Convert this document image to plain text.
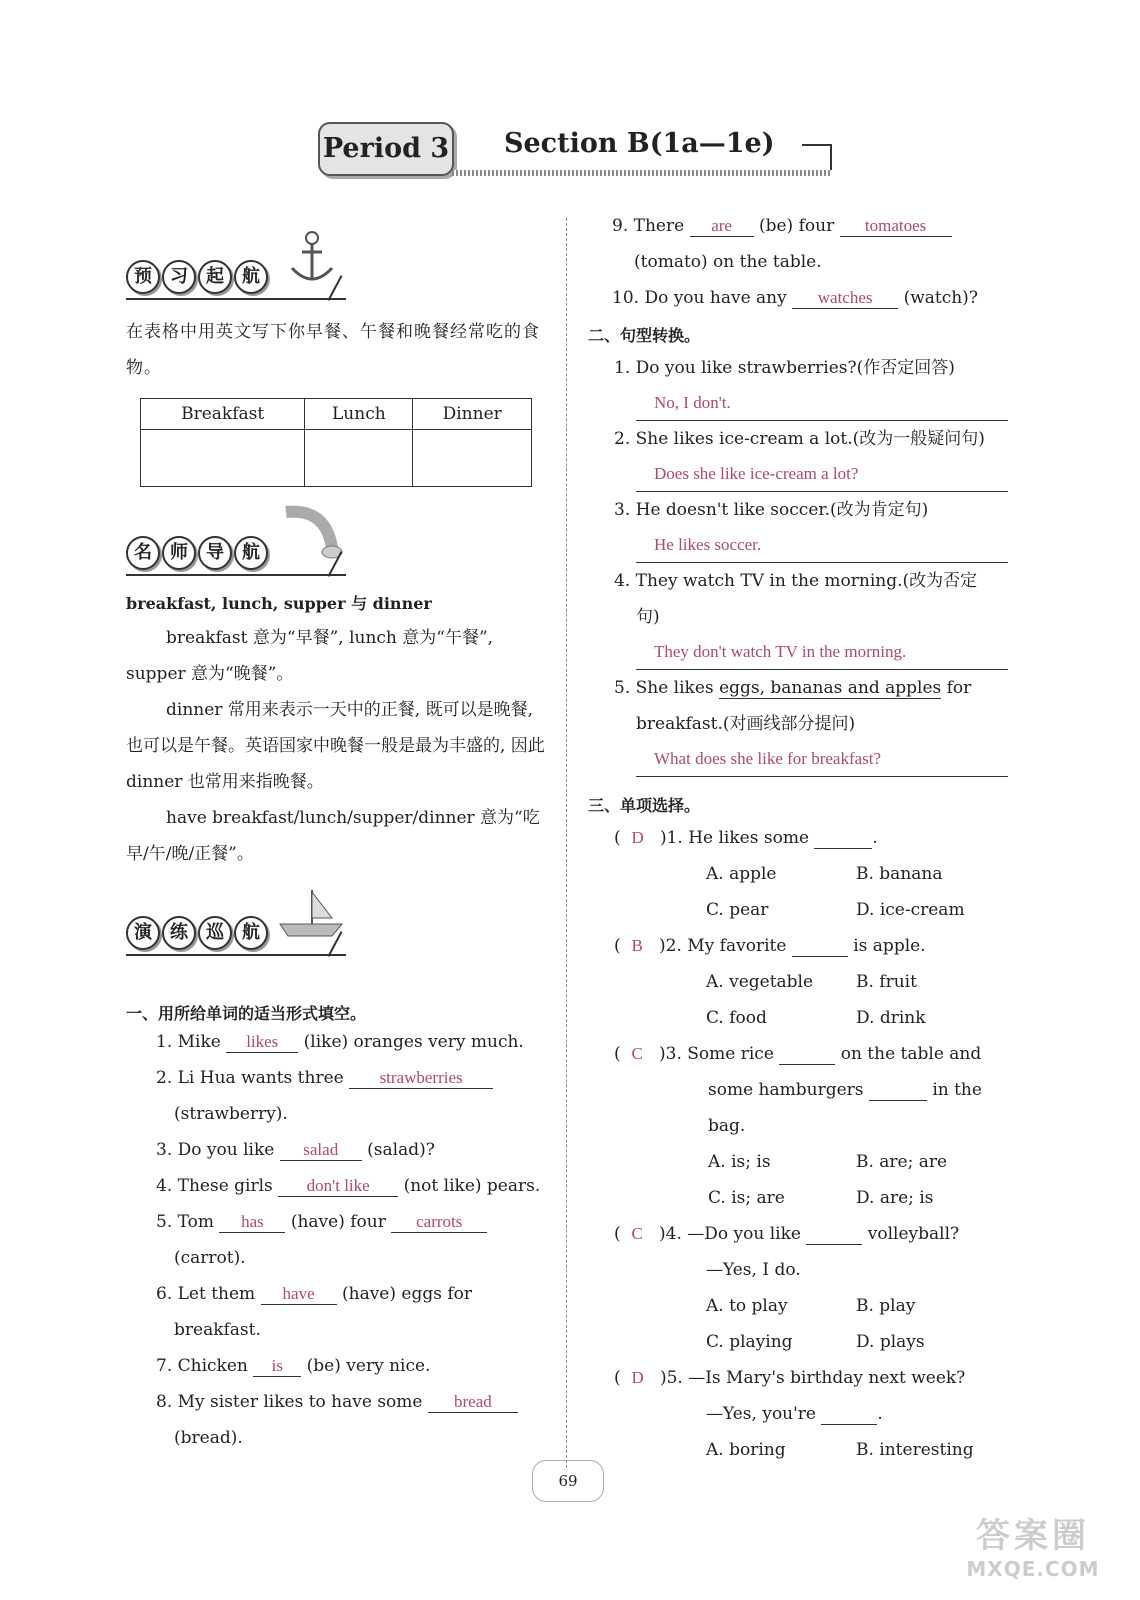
Period 3 Section B(1a—1e)
预	习	起	航
在表格中用英文写下你早餐、午餐和晚餐经常吃的食物。
Breakfast	Lunch	Dinner

名	师	导	航
breakfast, lunch, supper 与 dinner
breakfast 意为“早餐”, lunch 意为“午餐”, supper 意为“晚餐”。
dinner 常用来表示一天中的正餐, 既可以是晚餐, 也可以是午餐。英语国家中晚餐一般是最为丰盛的, 因此 dinner 也常用来指晚餐。
have breakfast/lunch/supper/dinner 意为“吃早/午/晚/正餐”。
演	练	巡	航
一、用所给单词的适当形式填空。
1. Mike likes (like) oranges very much.
2. Li Hua wants three strawberries
(strawberry).
3. Do you like salad (salad)?
4. These girls don't like (not like) pears.
5. Tom has (have) four carrots
(carrot).
6. Let them have (have) eggs for
breakfast.
7. Chicken is (be) very nice.
8. My sister likes to have some bread
(bread).
9. There are (be) four tomatoes
(tomato) on the table.
10. Do you have any watches (watch)?
二、句型转换。
1. Do you like strawberries?(作否定回答)
No, I don't.
2. She likes ice-cream a lot.(改为一般疑问句)
Does she like ice-cream a lot?
3. He doesn't like soccer.(改为肯定句)
He likes soccer.
4. They watch TV in the morning.(改为否定
句)
They don't watch TV in the morning.
5. She likes eggs, bananas and apples for
breakfast.(对画线部分提问)
What does she like for breakfast?
三、单项选择。
(  D )1. He likes some	.
A. apple	B. banana
C. pear	D. ice-cream
(  B )2. My favorite	is apple.
A. vegetable	B. fruit
C. food	D. drink
(  C )3. Some rice	on the table and
some hamburgers	in the
bag.
A. is; is	B. are; are
C. is; are	D. are; is
(  C )4. —Do you like	volleyball?
—Yes, I do.
A. to play	B. play
C. playing	D. plays
(  D )5. —Is Mary's birthday next week?
—Yes, you're	.
A. boring	B. interesting
69
答案圈
MXQE.COM
